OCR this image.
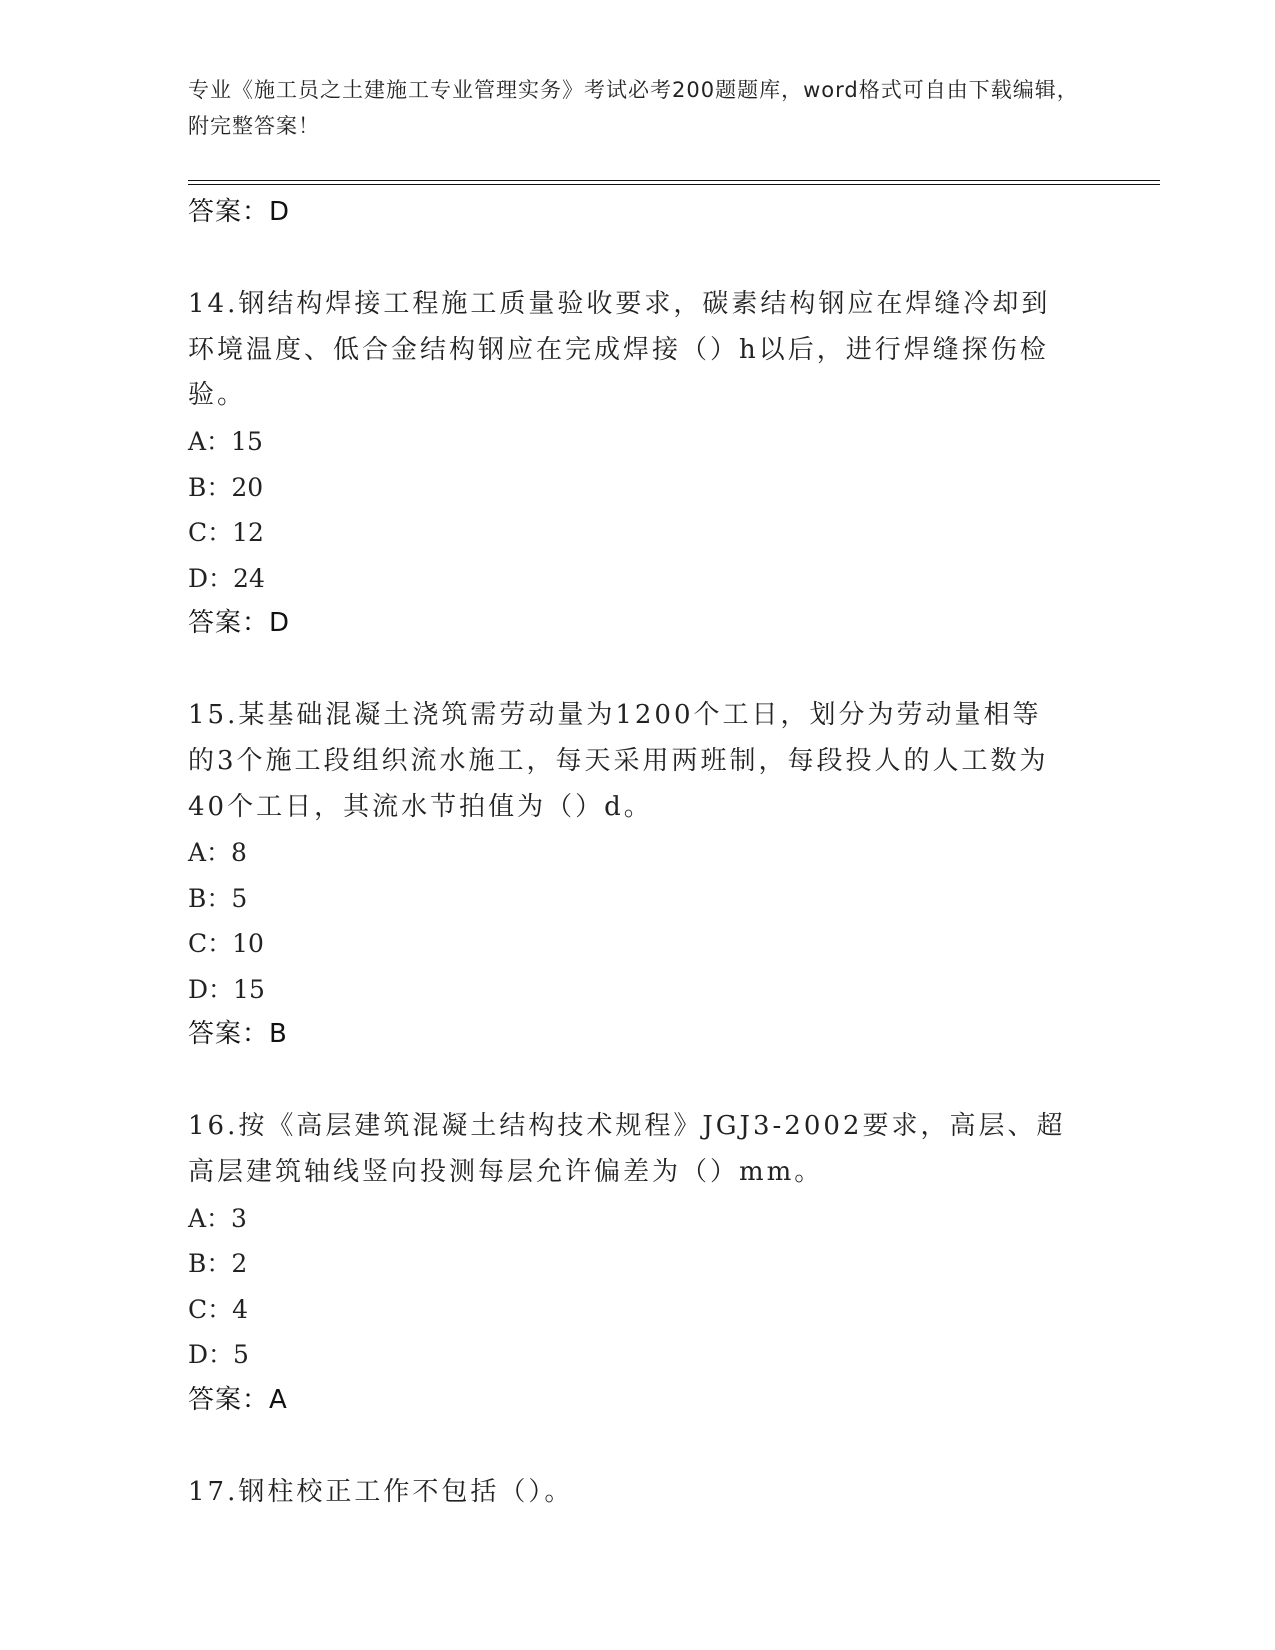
专业《施工员之土建施工专业管理实务》考试必考200题题库，word格式可自由下载编辑，附完整答案！
答案：D
14.钢结构焊接工程施工质量验收要求，碳素结构钢应在焊缝冷却到环境温度、低合金结构钢应在完成焊接（）h以后，进行焊缝探伤检验。
A：15
B：20
C：12
D：24
答案：D
15.某基础混凝土浇筑需劳动量为1200个工日，划分为劳动量相等的3个施工段组织流水施工，每天采用两班制，每段投人的人工数为40个工日，其流水节拍值为（）d。
A：8
B：5
C：10
D：15
答案：B
16.按《高层建筑混凝土结构技术规程》JGJ3-2002要求，高层、超高层建筑轴线竖向投测每层允许偏差为（）mm。
A：3
B：2
C：4
D：5
答案：A
17.钢柱校正工作不包括（）。
